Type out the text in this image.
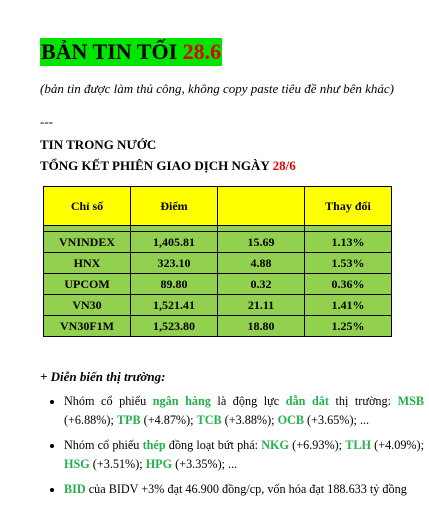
BẢN TIN TỐI 28.6
(bản tin được làm thủ công, không copy paste tiêu đề như bên khác)
---
TIN TRONG NƯỚC
TỔNG KẾT PHIÊN GIAO DỊCH NGÀY 28/6
Chỉ số	Điểm		Thay đổi

VNINDEX	1,405.81	15.69	1.13%
HNX	323.10	4.88	1.53%
UPCOM	89.80	0.32	0.36%
VN30	1,521.41	21.11	1.41%
VN30F1M	1,523.80	18.80	1.25%
+ Diễn biến thị trường:
• Nhóm cổ phiếu ngân hàng là động lực dẫn dắt thị trường: MSB (+6.88%); TPB (+4.87%); TCB (+3.88%); OCB (+3.65%); ...
• Nhóm cổ phiếu thép đồng loạt bứt phá: NKG (+6.93%); TLH (+4.09%); HSG (+3.51%); HPG (+3.35%); ...
• BID của BIDV +3% đạt 46.900 đồng/cp, vốn hóa đạt 188.633 tỷ đồng
